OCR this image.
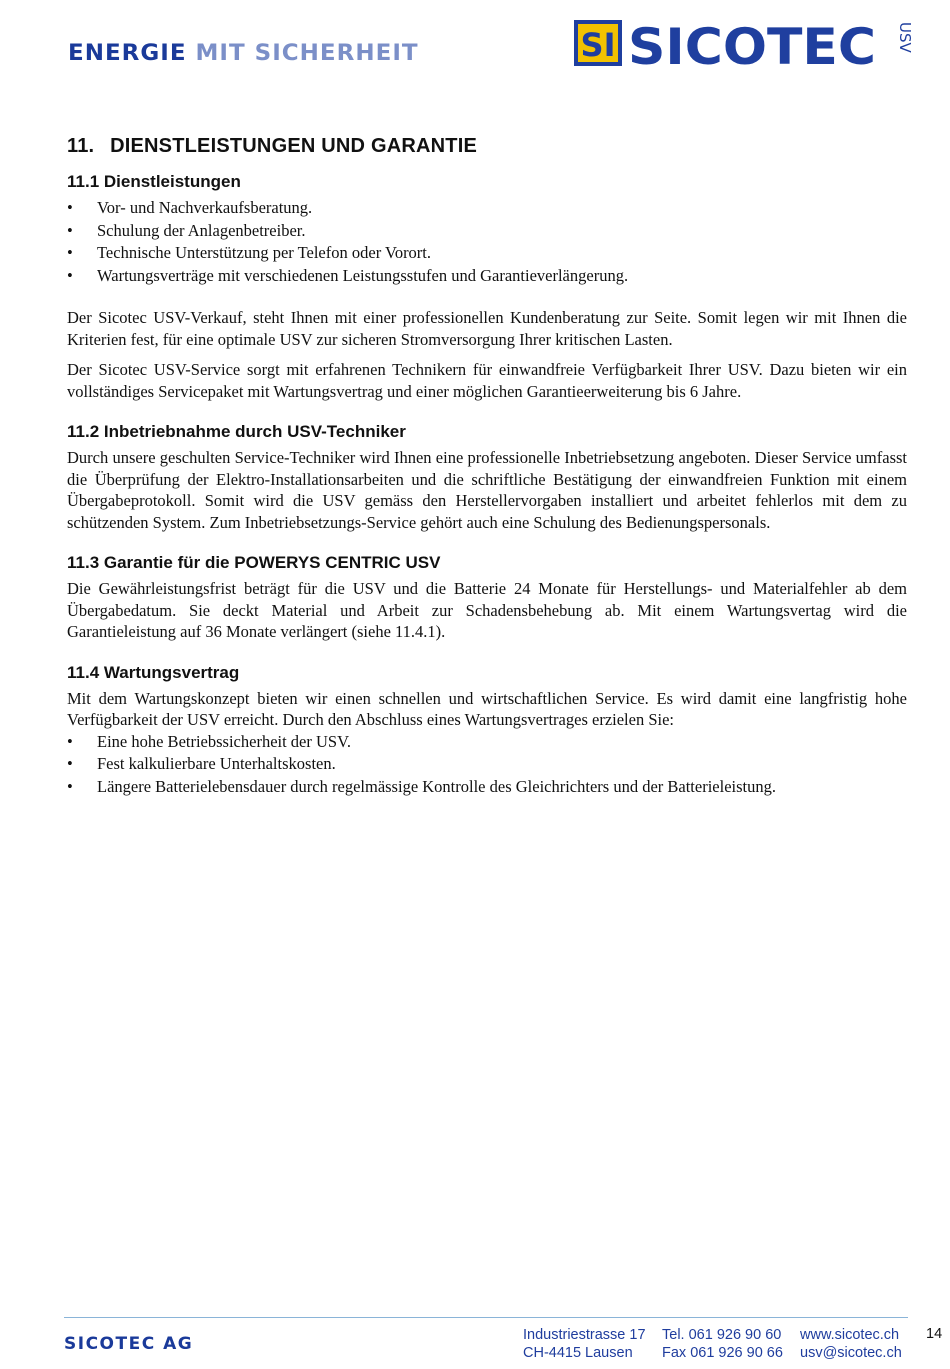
ENERGIE MIT SICHERHEIT	SI SICOTEC USV
11. DIENSTLEISTUNGEN UND GARANTIE
11.1 Dienstleistungen
• Vor- und Nachverkaufsberatung.
• Schulung der Anlagenbetreiber.
• Technische Unterstützung per Telefon oder Vorort.
• Wartungsverträge mit verschiedenen Leistungsstufen und Garantieverlängerung.

Der Sicotec USV-Verkauf, steht Ihnen mit einer professionellen Kundenberatung zur Seite. Somit legen wir mit Ihnen die Kriterien fest, für eine optimale USV zur sicheren Stromversorgung Ihrer kritischen Lasten.

Der Sicotec USV-Service sorgt mit erfahrenen Technikern für einwandfreie Verfügbarkeit Ihrer USV. Dazu bieten wir ein vollständiges Servicepaket mit Wartungsvertrag und einer möglichen Garantieerweiterung bis 6 Jahre.

11.2 Inbetriebnahme durch USV-Techniker

Durch unsere geschulten Service-Techniker wird Ihnen eine professionelle Inbetriebsetzung angeboten. Dieser Service umfasst die Überprüfung der Elektro-Installationsarbeiten und die schriftliche Bestätigung der einwandfreien Funktion mit einem Übergabeprotokoll. Somit wird die USV gemäss den Herstellervorgaben installiert und arbeitet fehlerlos mit dem zu schützenden System. Zum Inbetriebsetzungs-Service gehört auch eine Schulung des Bedienungspersonals.

11.3 Garantie für die POWERYS CENTRIC USV

Die Gewährleistungsfrist beträgt für die USV und die Batterie 24 Monate für Herstellungs- und Materialfehler ab dem Übergabedatum. Sie deckt Material und Arbeit zur Schadensbehebung ab. Mit einem Wartungsvertag wird die Garantieleistung auf 36 Monate verlängert (siehe 11.4.1).

11.4 Wartungsvertrag

Mit dem Wartungskonzept bieten wir einen schnellen und wirtschaftlichen Service. Es wird damit eine langfristig hohe Verfügbarkeit der USV erreicht. Durch den Abschluss eines Wartungsvertrages erzielen Sie:

• Eine hohe Betriebssicherheit der USV.
• Fest kalkulierbare Unterhaltskosten.
• Längere Batterielebensdauer durch regelmässige Kontrolle des Gleichrichters und der Batterieleistung.
SICOTEC AG	Industriestrasse 17
CH-4415 Lausen
Tel. 061 926 90 60
Fax 061 926 90 66
www.sicotec.ch
usv@sicotec.ch
14
